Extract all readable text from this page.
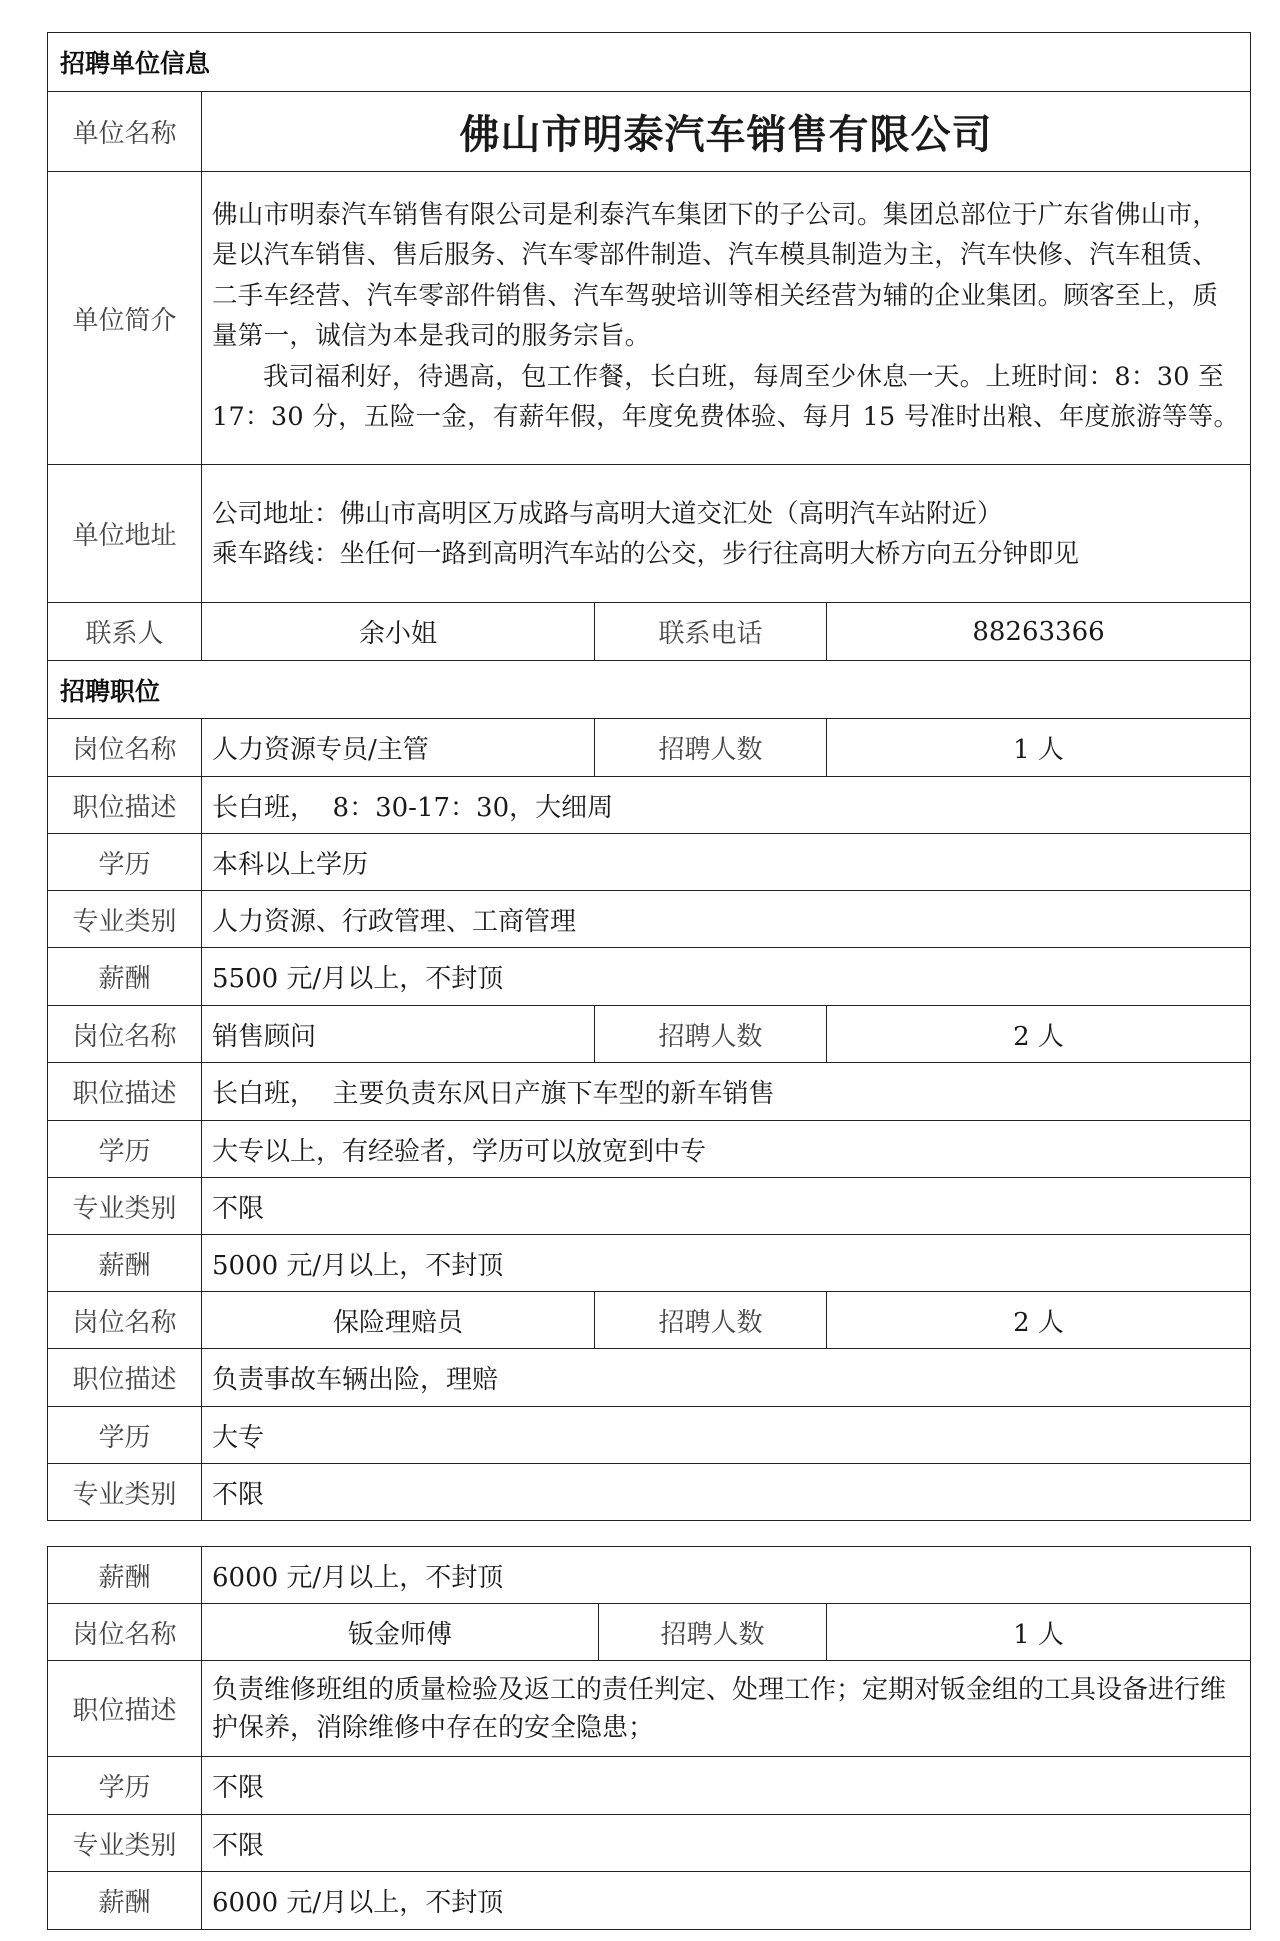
招聘单位信息			
单位名称	佛山市明泰汽车销售有限公司		
单位简介	佛山市明泰汽车销售有限公司是利泰汽车集团下的子公司。集团总部位于广东省佛山市，是以汽车销售、售后服务、汽车零部件制造、汽车模具制造为主，汽车快修、汽车租赁、二手车经营、汽车零部件销售、汽车驾驶培训等相关经营为辅的企业集团。顾客至上，质量第一，诚信为本是我司的服务宗旨。

我司福利好，待遇高，包工作餐，长白班，每周至少休息一天。上班时间：8：30 至 17：30 分，五险一金，有薪年假，年度免费体验、每月 15 号准时出粮、年度旅游等等。		

单位地址	公司地址：佛山市高明区万成路与高明大道交汇处（高明汽车站附近）
乘车路线：坐任何一路到高明汽车站的公交，步行往高明大桥方向五分钟即见		

联系人	余小姐	联系电话	88263366
招聘职位			
岗位名称	人力资源专员/主管	招聘人数	1 人
职位描述	长白班，  8：30-17：30，大细周		
学历	本科以上学历		
专业类别	人力资源、行政管理、工商管理		
薪酬	5500 元/月以上，不封顶		
岗位名称	销售顾问	招聘人数	2 人
职位描述	长白班，  主要负责东风日产旗下车型的新车销售		
学历	大专以上，有经验者，学历可以放宽到中专		
专业类别	不限		
薪酬	5000 元/月以上，不封顶		
岗位名称	保险理赔员	招聘人数	2 人
职位描述	负责事故车辆出险，理赔		
学历	大专		
专业类别	不限		
薪酬	6000 元/月以上，不封顶		
岗位名称	钣金师傅	招聘人数	1 人
职位描述	负责维修班组的质量检验及返工的责任判定、处理工作；定期对钣金组的工具设备进行维护保养，消除维修中存在的安全隐患；		
学历	不限		
专业类别	不限		
薪酬	6000 元/月以上，不封顶		
